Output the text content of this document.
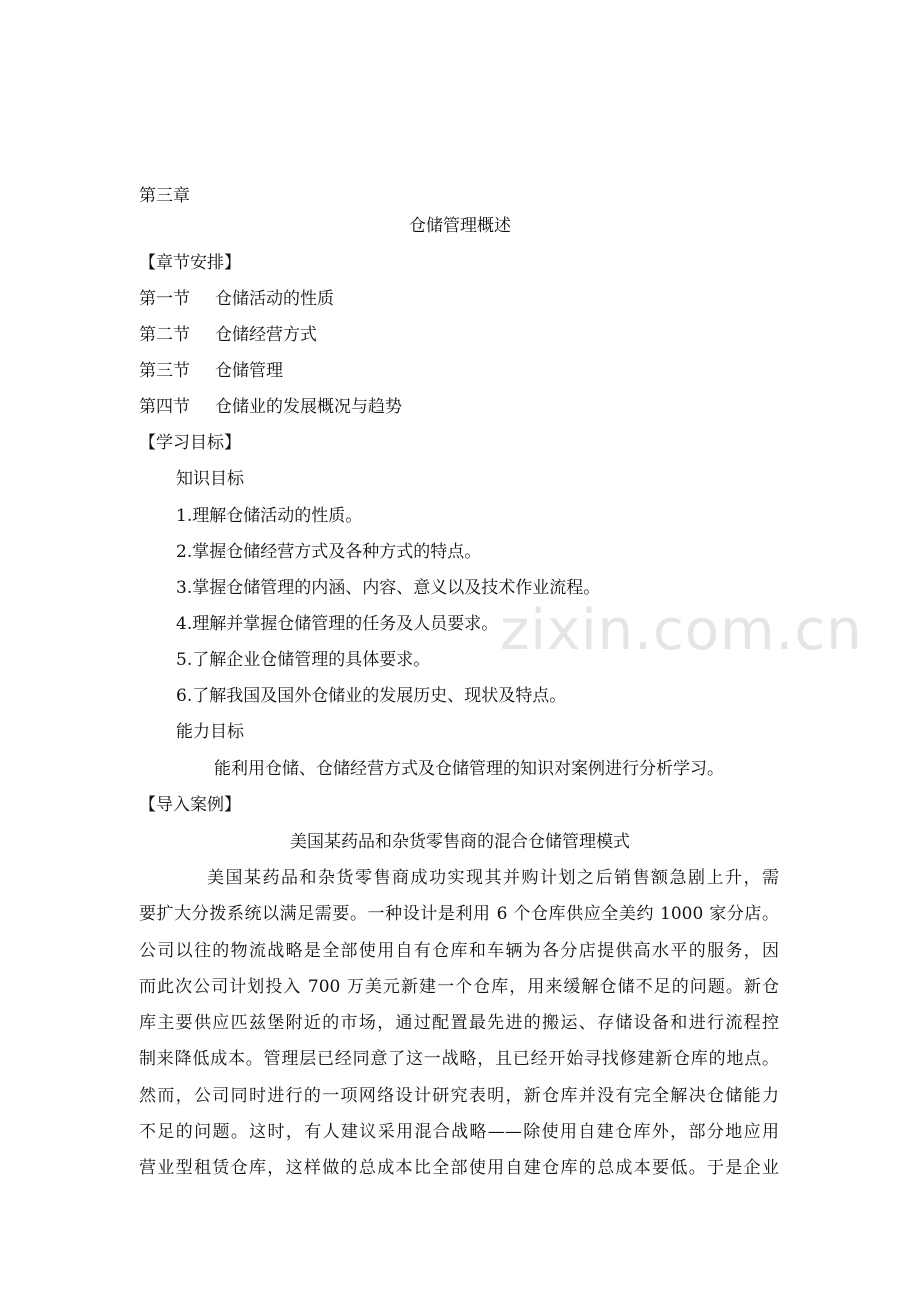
第三章
仓储管理概述
【章节安排】
第一节 仓储活动的性质
第二节 仓储经营方式
第三节 仓储管理
第四节 仓储业的发展概况与趋势
【学习目标】
知识目标
1.理解仓储活动的性质。
2.掌握仓储经营方式及各种方式的特点。
3.掌握仓储管理的内涵、内容、意义以及技术作业流程。
4.理解并掌握仓储管理的任务及人员要求。
5.了解企业仓储管理的具体要求。
6.了解我国及国外仓储业的发展历史、现状及特点。
能力目标
能利用仓储、仓储经营方式及仓储管理的知识对案例进行分析学习。
【导入案例】
美国某药品和杂货零售商的混合仓储管理模式
美国某药品和杂货零售商成功实现其并购计划之后销售额急剧上升，需
要扩大分拨系统以满足需要。一种设计是利用 6 个仓库供应全美约 1000 家分店。
公司以往的物流战略是全部使用自有仓库和车辆为各分店提供高水平的服务，因
而此次公司计划投入 700 万美元新建一个仓库，用来缓解仓储不足的问题。新仓
库主要供应匹兹堡附近的市场，通过配置最先进的搬运、存储设备和进行流程控
制来降低成本。管理层已经同意了这一战略，且已经开始寻找修建新仓库的地点。
然而，公司同时进行的一项网络设计研究表明，新仓库并没有完全解决仓储能力
不足的问题。这时，有人建议采用混合战略——除使用自建仓库外，部分地应用
营业型租赁仓库，这样做的总成本比全部使用自建仓库的总成本要低。于是企业
zixin.com.cn
